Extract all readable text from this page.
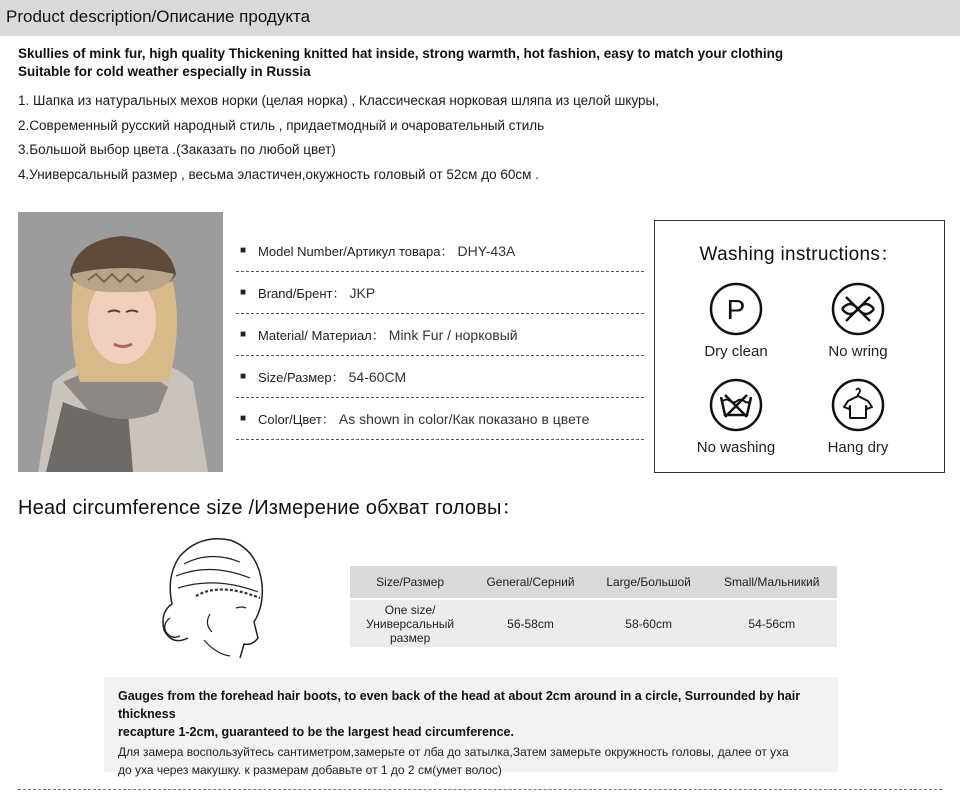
Product description/Описание продукта
Skullies of mink fur, high quality Thickening knitted hat inside, strong warmth, hot fashion, easy to match your clothing
Suitable for cold weather especially in Russia
1. Шапка из натуральных мехов норки (целая норка) , Классическая норковая шляпа из целой шкуры,
2.Современный русский народный стиль , придаетмодный и очаровательный стиль
3.Большой выбор цвета .(Заказать по любой цвет)
4.Универсальный размер , весьма эластичен,окужность головый от 52см до 60см .
■ Model Number/Артикул товара： DHY-43A
■ Brand/Брент： JKP
■ Material/ Материал： Mink Fur / норковый
■ Size/Размер： 54-60CM
■ Color/Цвет： As shown in color/Как показано в цвете
Washing instructions：
P
Dry clean	No wring
No washing	Hang dry
Head circumference size /Измерение обхват головы：
Size/Размер	General/Серний	Large/Большой	Small/Мальникий

One size/
Универсальный
размер	56-58cm	58-60cm	54-56cm
Gauges from the forehead hair boots, to even back of the head at about 2cm around in a circle, Surrounded by hair thickness
recapture 1-2cm, guaranteed to be the largest head circumference.
Для замера воспользуйтесь сантиметром,замерьте от лба до затылка,Затем замерьте окружность головы, далее от уха
до уха через макушку. к размерам добавьте от 1 до 2 см(умет волос)
